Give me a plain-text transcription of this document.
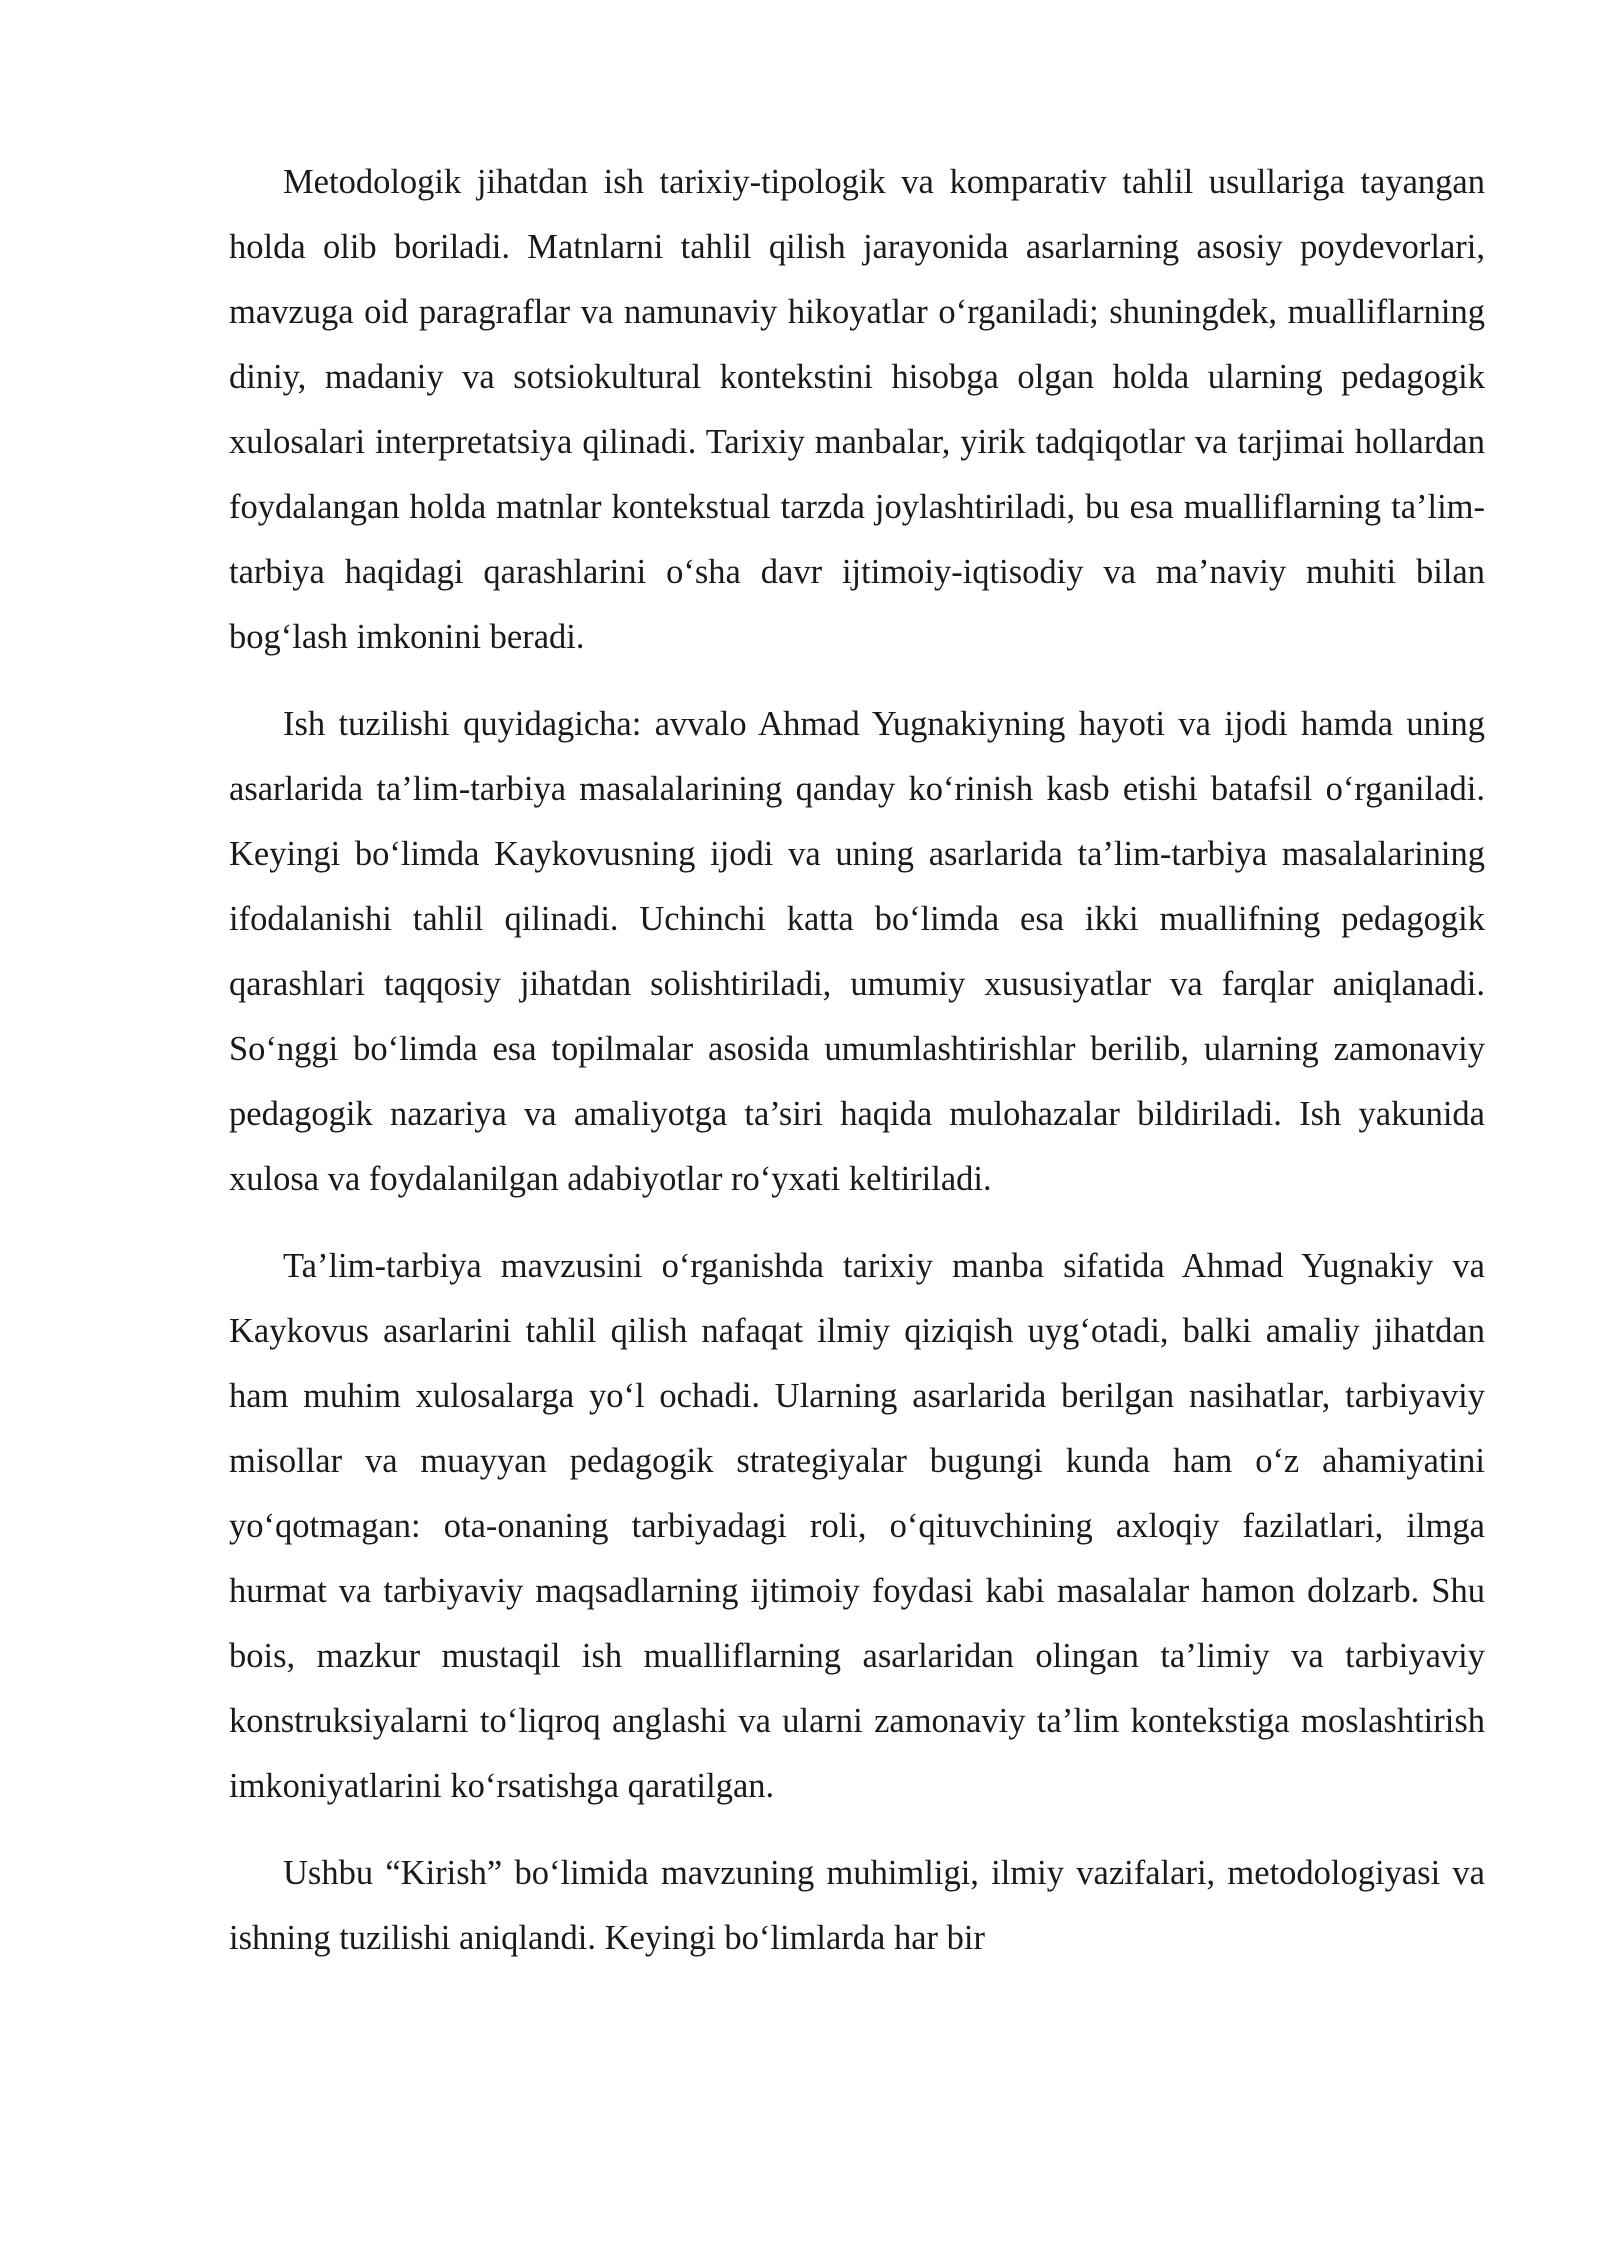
Metodologik jihatdan ish tarixiy-tipologik va komparativ tahlil usullariga tayangan holda olib boriladi. Matnlarni tahlil qilish jarayonida asarlarning asosiy poydevorlari, mavzuga oid paragraflar va namunaviy hikoyatlar o‘rganiladi; shuningdek, mualliflarning diniy, madaniy va sotsiokultural kontekstini hisobga olgan holda ularning pedagogik xulosalari interpretatsiya qilinadi. Tarixiy manbalar, yirik tadqiqotlar va tarjimai hollardan foydalangan holda matnlar kontekstual tarzda joylashtiriladi, bu esa mualliflarning ta’lim-tarbiya haqidagi qarashlarini o‘sha davr ijtimoiy-iqtisodiy va ma’naviy muhiti bilan bog‘lash imkonini beradi.

Ish tuzilishi quyidagicha: avvalo Ahmad Yugnakiyning hayoti va ijodi hamda uning asarlarida ta’lim-tarbiya masalalarining qanday ko‘rinish kasb etishi batafsil o‘rganiladi. Keyingi bo‘limda Kaykovusning ijodi va uning asarlarida ta’lim-tarbiya masalalarining ifodalanishi tahlil qilinadi. Uchinchi katta bo‘limda esa ikki muallifning pedagogik qarashlari taqqosiy jihatdan solishtiriladi, umumiy xususiyatlar va farqlar aniqlanadi. So‘nggi bo‘limda esa topilmalar asosida umumlashtirishlar berilib, ularning zamonaviy pedagogik nazariya va amaliyotga ta’siri haqida mulohazalar bildiriladi. Ish yakunida xulosa va foydalanilgan adabiyotlar ro‘yxati keltiriladi.

Ta’lim-tarbiya mavzusini o‘rganishda tarixiy manba sifatida Ahmad Yugnakiy va Kaykovus asarlarini tahlil qilish nafaqat ilmiy qiziqish uyg‘otadi, balki amaliy jihatdan ham muhim xulosalarga yo‘l ochadi. Ularning asarlarida berilgan nasihatlar, tarbiyaviy misollar va muayyan pedagogik strategiyalar bugungi kunda ham o‘z ahamiyatini yo‘qotmagan: ota-onaning tarbiyadagi roli, o‘qituvchining axloqiy fazilatlari, ilmga hurmat va tarbiyaviy maqsadlarning ijtimoiy foydasi kabi masalalar hamon dolzarb. Shu bois, mazkur mustaqil ish mualliflarning asarlaridan olingan ta’limiy va tarbiyaviy konstruksiyalarni to‘liqroq anglashi va ularni zamonaviy ta’lim kontekstiga moslashtirish imkoniyatlarini ko‘rsatishga qaratilgan.

Ushbu “Kirish” bo‘limida mavzuning muhimligi, ilmiy vazifalari, metodologiyasi va ishning tuzilishi aniqlandi. Keyingi bo‘limlarda har bir
